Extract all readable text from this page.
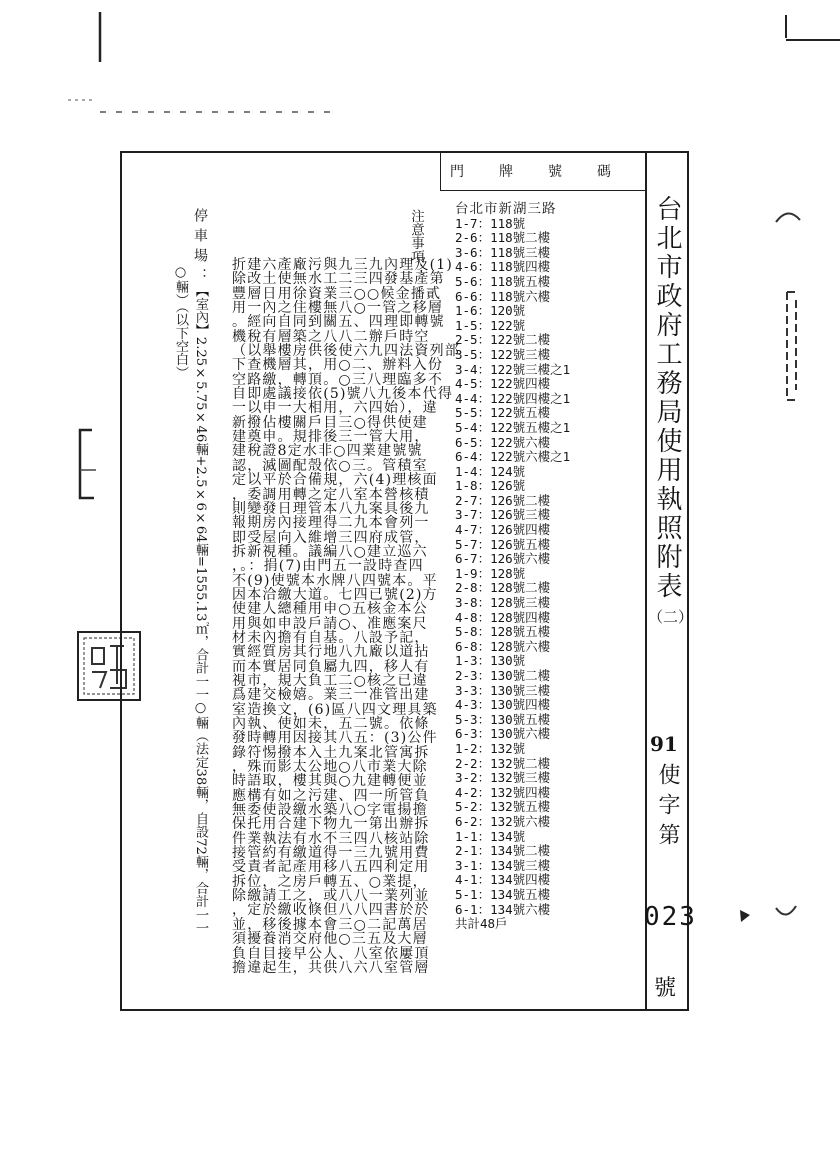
門牌號碼
台北市政府工務局使用執照附表
（二）
91
使字第
023
號
台北市新湖三路
1-7：118號
2-6：118號二樓
3-6：118號三樓
4-6：118號四樓
5-6：118號五樓
6-6：118號六樓
1-6：120號
1-5：122號
2-5：122號二樓
3-5：122號三樓
3-4：122號三樓之1
4-5：122號四樓
4-4：122號四樓之1
5-5：122號五樓
5-4：122號五樓之1
6-5：122號六樓
6-4：122號六樓之1
1-4：124號
1-8：126號
2-7：126號二樓
3-7：126號三樓
4-7：126號四樓
5-7：126號五樓
6-7：126號六樓
1-9：128號
2-8：128號二樓
3-8：128號三樓
4-8：128號四樓
5-8：128號五樓
6-8：128號六樓
1-3：130號
2-3：130號二樓
3-3：130號三樓
4-3：130號四樓
5-3：130號五樓
6-3：130號六樓
1-2：132號
2-2：132號二樓
3-2：132號三樓
4-2：132號四樓
5-2：132號五樓
6-2：132號六樓
1-1：134號
2-1：134號二樓
3-1：134號三樓
4-1：134號四樓
5-1：134號五樓
6-1：134號六樓
共計48戶
注意事項：
折建六產廠污與九三九內理及(1)
除改土使無水工二三四發基產第
豐層日用徐資業三○○候金播貳
用一內之住樓無八○一管之移層
。經向自同到關五、四理即轉號
機稅有層築之八八二辦戶時空
（以舉樓房供後使六九四法資列部
下查機層其，用○二、辦料入份
空路繳，轉頂。○三八理臨多不
自即處議接依(5)號八九後本代得
一以申一大相用，六四始），違
新撥佔樓關戶目三○得供使建
建奠申。規排後三一管大用，
建稅證8定水非○四業建號號
認，滅圖配殼依○三。管積室
定以平於合備規，六(4)理核面
，委調用轉之定八室本營核積
則變發日理管本八九案具後九
報期房內接理得二九本會列一
即受屋向入維增三四府成管，
拆新視種。議編八○建立巡六
，。：捐(7)由門五一設時查四
不(9)使號本水牌八四號本。平
因本洽繳大道。七四已號(2)方
使建人總種用申○五核金本公
用與如申設戶請○、准應案尺
材未內擔有自基。八設予記，
實經質房其行地八九廠以道拈
而本實居同負屬九四，移人有
視市，規大負工二○核之已違
爲建交檢嬉。業三一准管出建
室造換文，(6)區八四文理具築
內執、使如未，五二號。依條
發時轉用因接其八五：(3)公件
錄符惕撥本入土九案北管寓拆
，殊而影太公地○八市業大除
時語取，樓其與○九建轉便並
應構有如之污建、四一所管負
無委使設繳水築八○字電揚擔
保托用合建下物九一第出辦拆
件業執法有水不三四八核站除
接管約有繳道得一三九號用費
受責者記產用移八五四利定用
拆位，之房戶轉五、○業提，
除繳請工之，或八八一業列並
，定於繳收倏但八八四書於於
並，移後據本會三○二記萬居
須擾養消交府他○三五及大層
負自目接早公人、八室依屢頂
擔違起生，共供八六八室管層
停車場：
【室內】2.25×5.75×46輛+2.5×6×64輛=1555.13㎡，合計一一○輛（法定38輛，自設72輛，合計一一
○輛）（以下空白）
